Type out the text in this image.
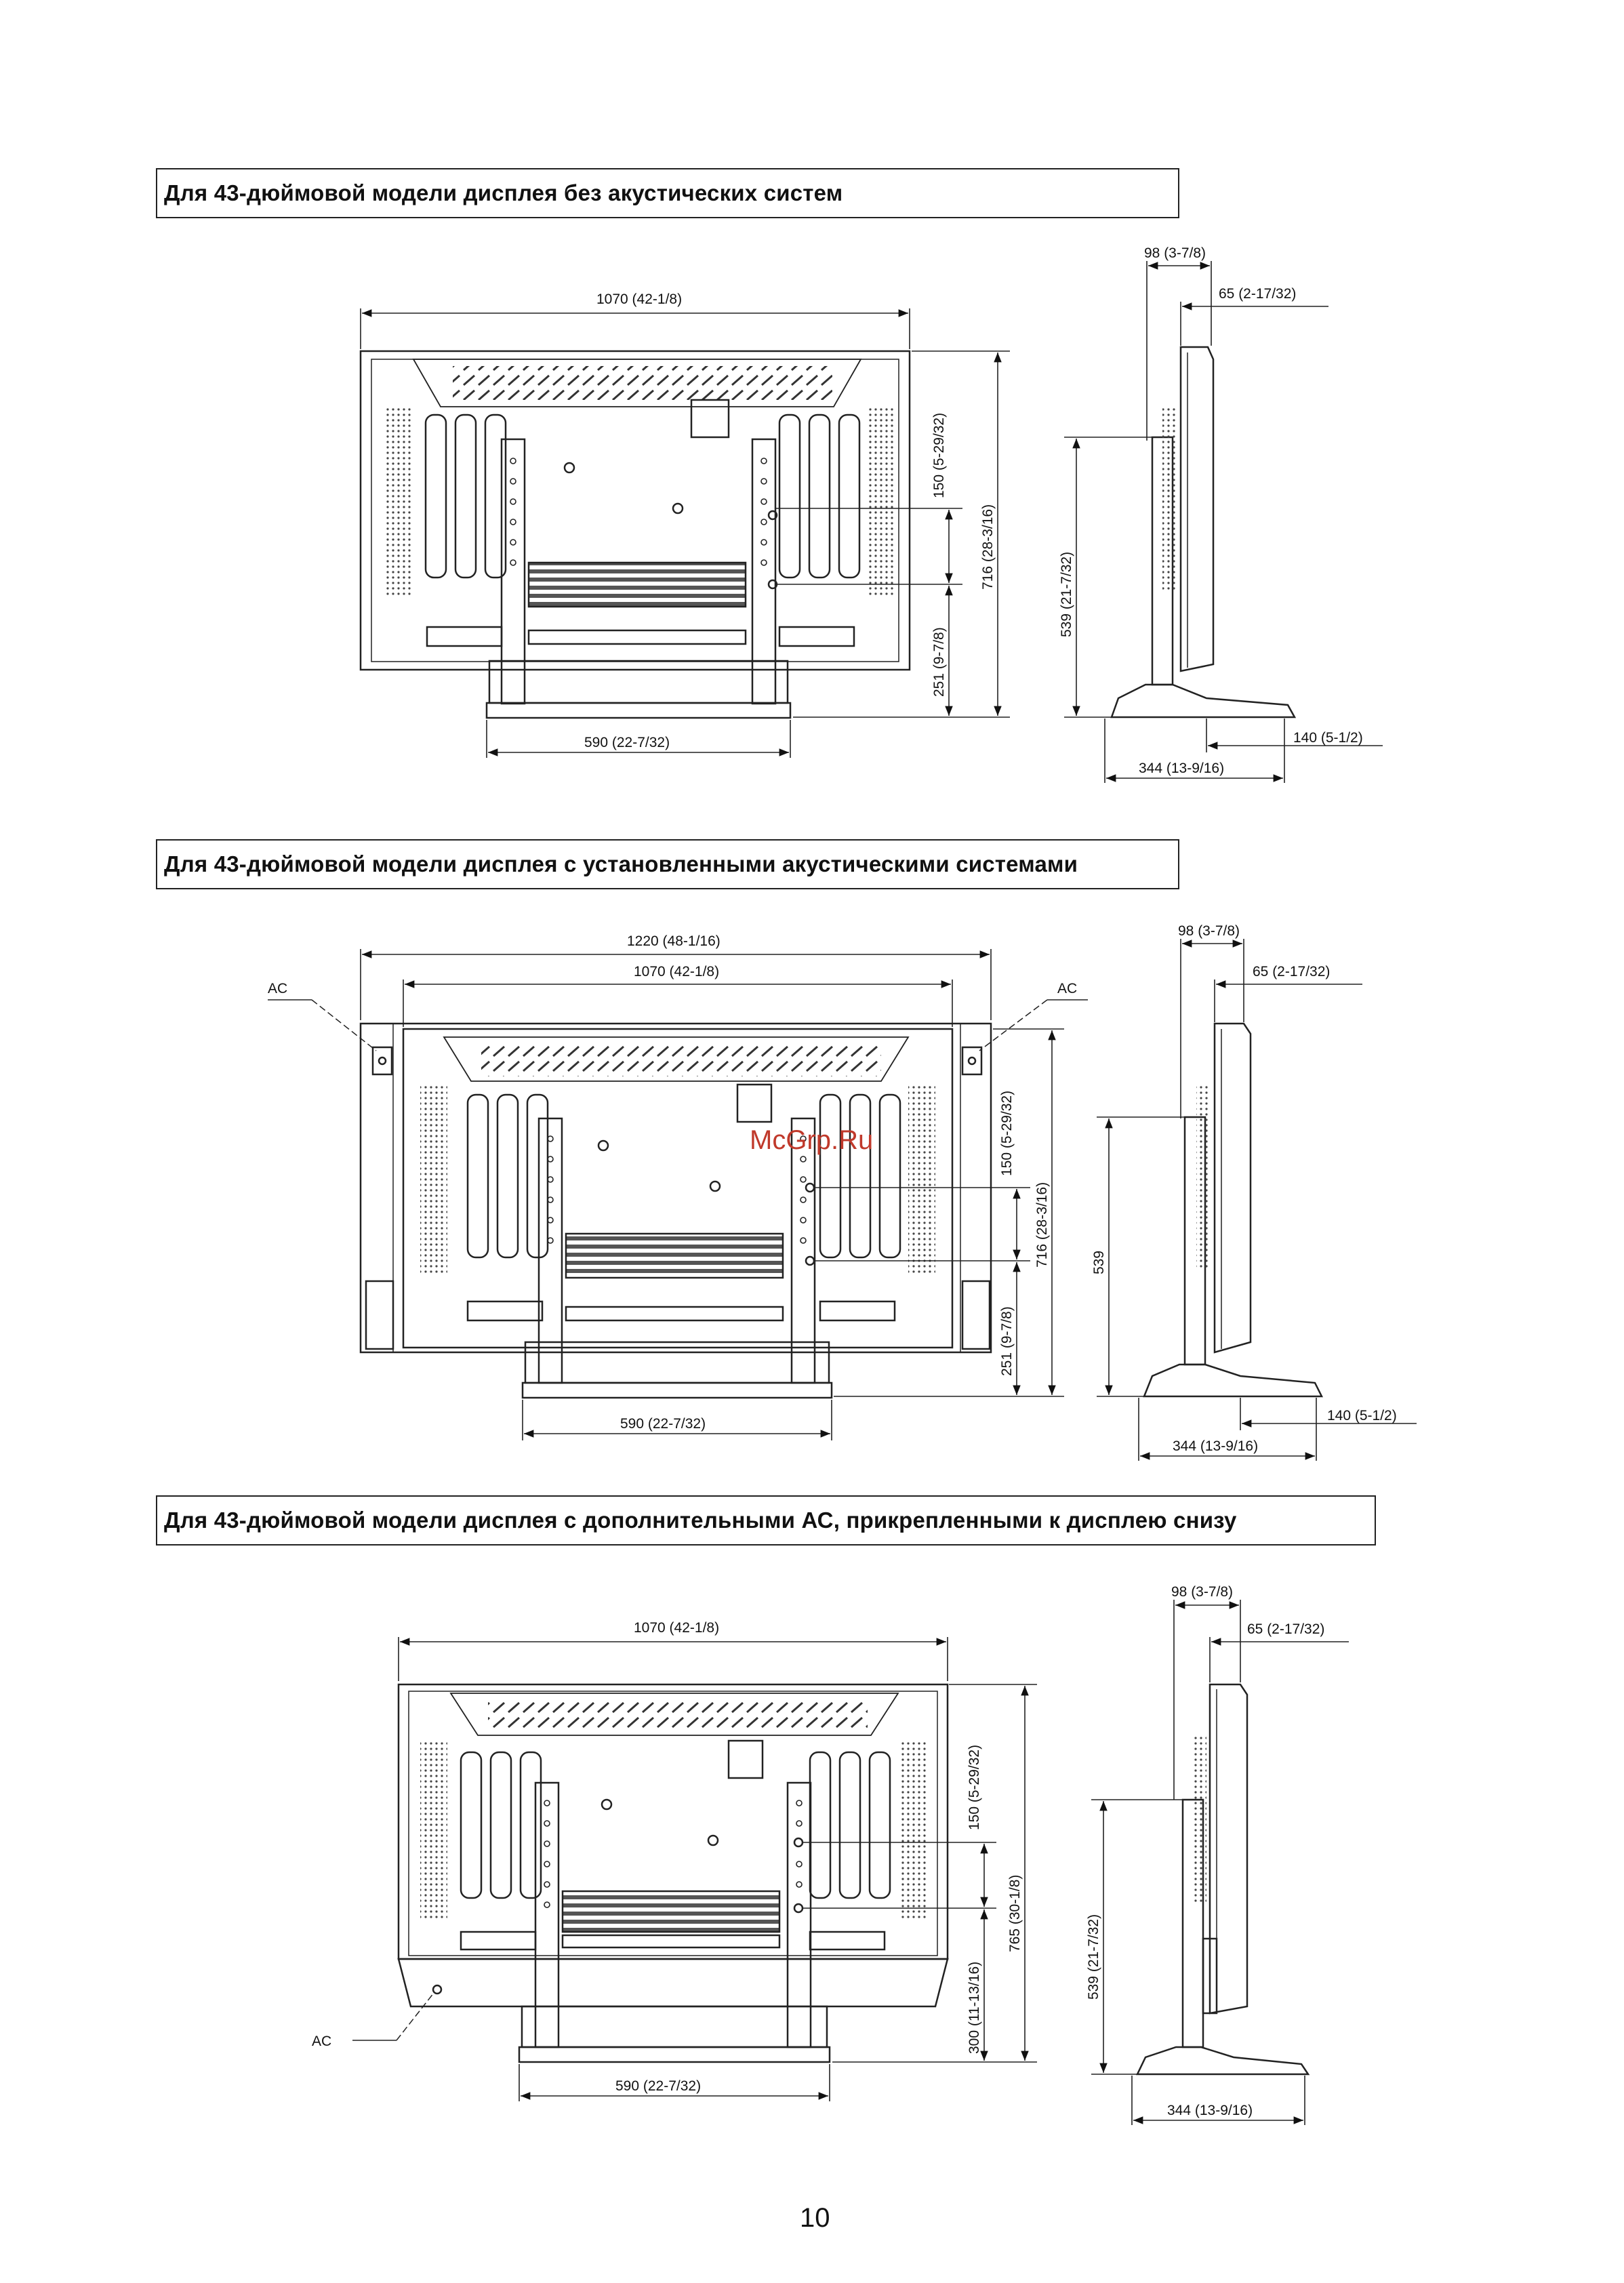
Для 43-дюймовой модели дисплея без акустических систем
Для 43-дюймовой модели дисплея с установленными акустическими системами
Для 43-дюймовой модели дисплея с дополнительными АС, прикрепленными к дисплею снизу
1070 (42-1/8)
590 (22-7/32)
150 (5-29/32)
251 (9-7/8)
716 (28-3/16)
98 (3-7/8)
65 (2-17/32)
539 (21-7/32)
140 (5-1/2)
344 (13-9/16)
1220 (48-1/16)
1070 (42-1/8)
AC	AC
150 (5-29/32)
251 (9-7/8)
716 (28-3/16)
590 (22-7/32)
98 (3-7/8)
65 (2-17/32)
539
140 (5-1/2)
344 (13-9/16)
1070 (42-1/8)
150 (5-29/32)
300 (11-13/16)
765 (30-1/8)
590 (22-7/32)
AC
98 (3-7/8)
65 (2-17/32)
539 (21-7/32)
344 (13-9/16)
McGrp.Ru
10
